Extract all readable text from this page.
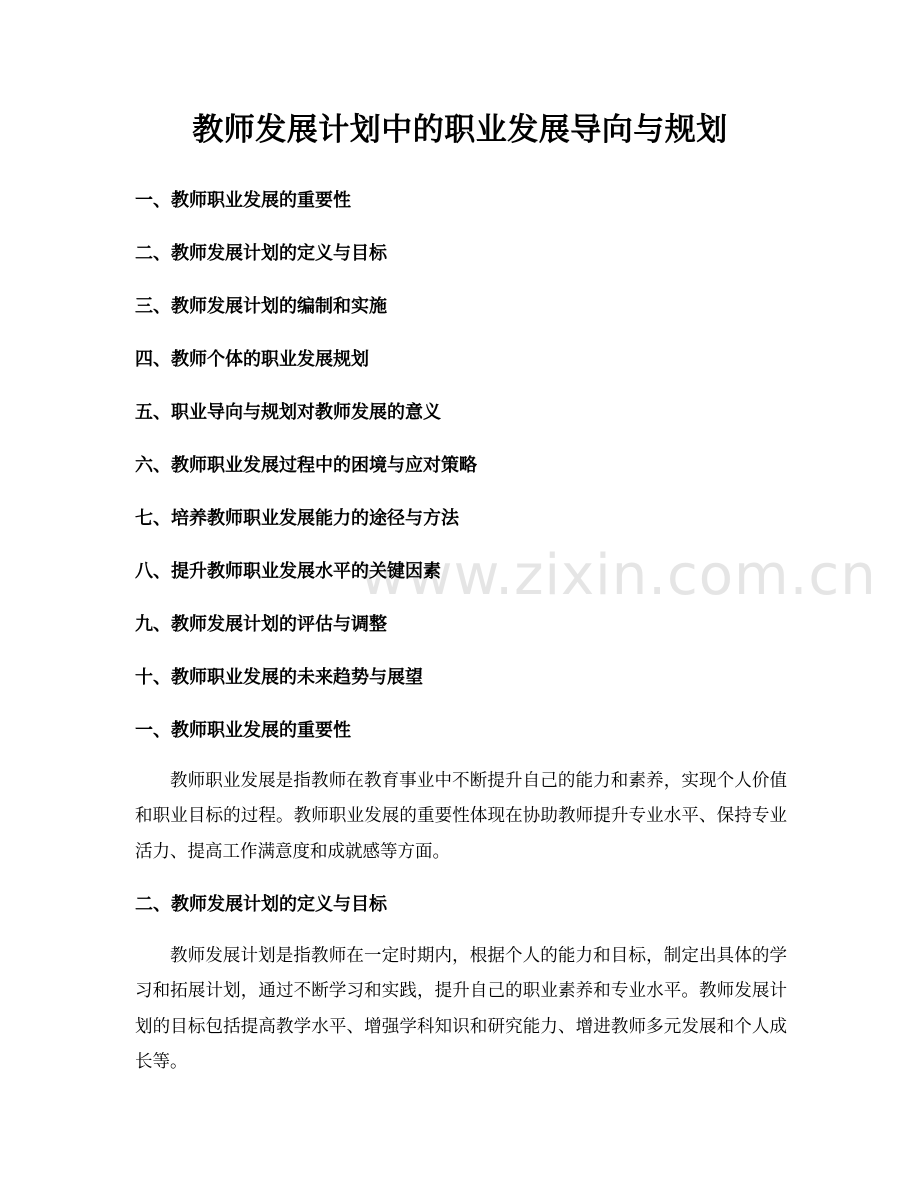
www.zixin.com.cn
教师发展计划中的职业发展导向与规划
一、教师职业发展的重要性
二、教师发展计划的定义与目标
三、教师发展计划的编制和实施
四、教师个体的职业发展规划
五、职业导向与规划对教师发展的意义
六、教师职业发展过程中的困境与应对策略
七、培养教师职业发展能力的途径与方法
八、提升教师职业发展水平的关键因素
九、教师发展计划的评估与调整
十、教师职业发展的未来趋势与展望
一、教师职业发展的重要性

教师职业发展是指教师在教育事业中不断提升自己的能力和素养，实现个人价值和职业目标的过程。教师职业发展的重要性体现在协助教师提升专业水平、保持专业活力、提高工作满意度和成就感等方面。

二、教师发展计划的定义与目标

教师发展计划是指教师在一定时期内，根据个人的能力和目标，制定出具体的学习和拓展计划，通过不断学习和实践，提升自己的职业素养和专业水平。教师发展计划的目标包括提高教学水平、增强学科知识和研究能力、增进教师多元发展和个人成长等。
